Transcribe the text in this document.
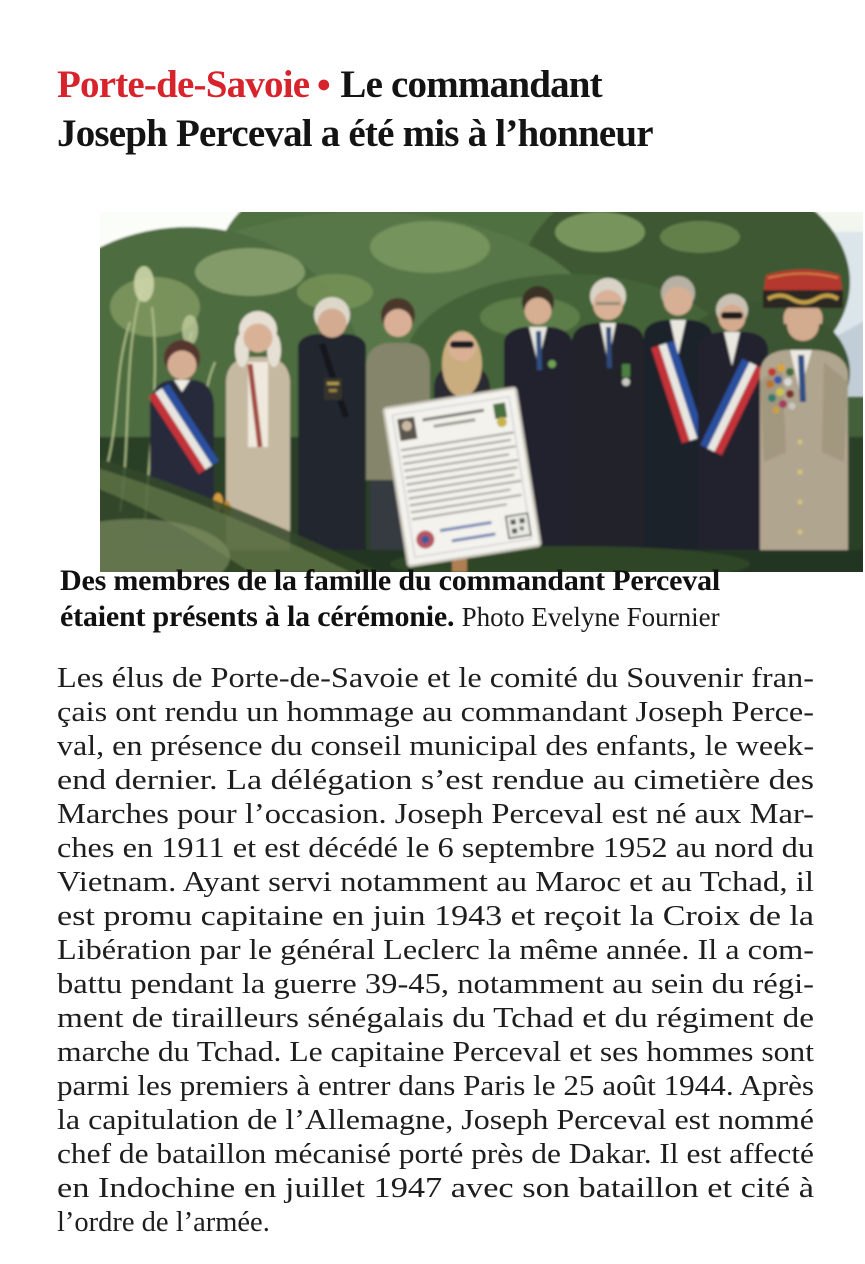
Porte-de-Savoie ● Le commandant
Joseph Perceval a été mis à l’honneur

Des membres de la famille du commandant Perceval
étaient présents à la cérémonie. Photo Evelyne Fournier

Les élus de Porte-de-Savoie et le comité du Souvenir fran-
çais ont rendu un hommage au commandant Joseph Perce-
val, en présence du conseil municipal des enfants, le week-
end dernier. La délégation s’est rendue au cimetière des
Marches pour l’occasion. Joseph Perceval est né aux Mar-
ches en 1911 et est décédé le 6 septembre 1952 au nord du
Vietnam. Ayant servi notamment au Maroc et au Tchad, il
est promu capitaine en juin 1943 et reçoit la Croix de la
Libération par le général Leclerc la même année. Il a com-
battu pendant la guerre 39-45, notamment au sein du régi-
ment de tirailleurs sénégalais du Tchad et du régiment de
marche du Tchad. Le capitaine Perceval et ses hommes sont
parmi les premiers à entrer dans Paris le 25 août 1944. Après
la capitulation de l’Allemagne, Joseph Perceval est nommé
chef de bataillon mécanisé porté près de Dakar. Il est affecté
en Indochine en juillet 1947 avec son bataillon et cité à
l’ordre de l’armée.
